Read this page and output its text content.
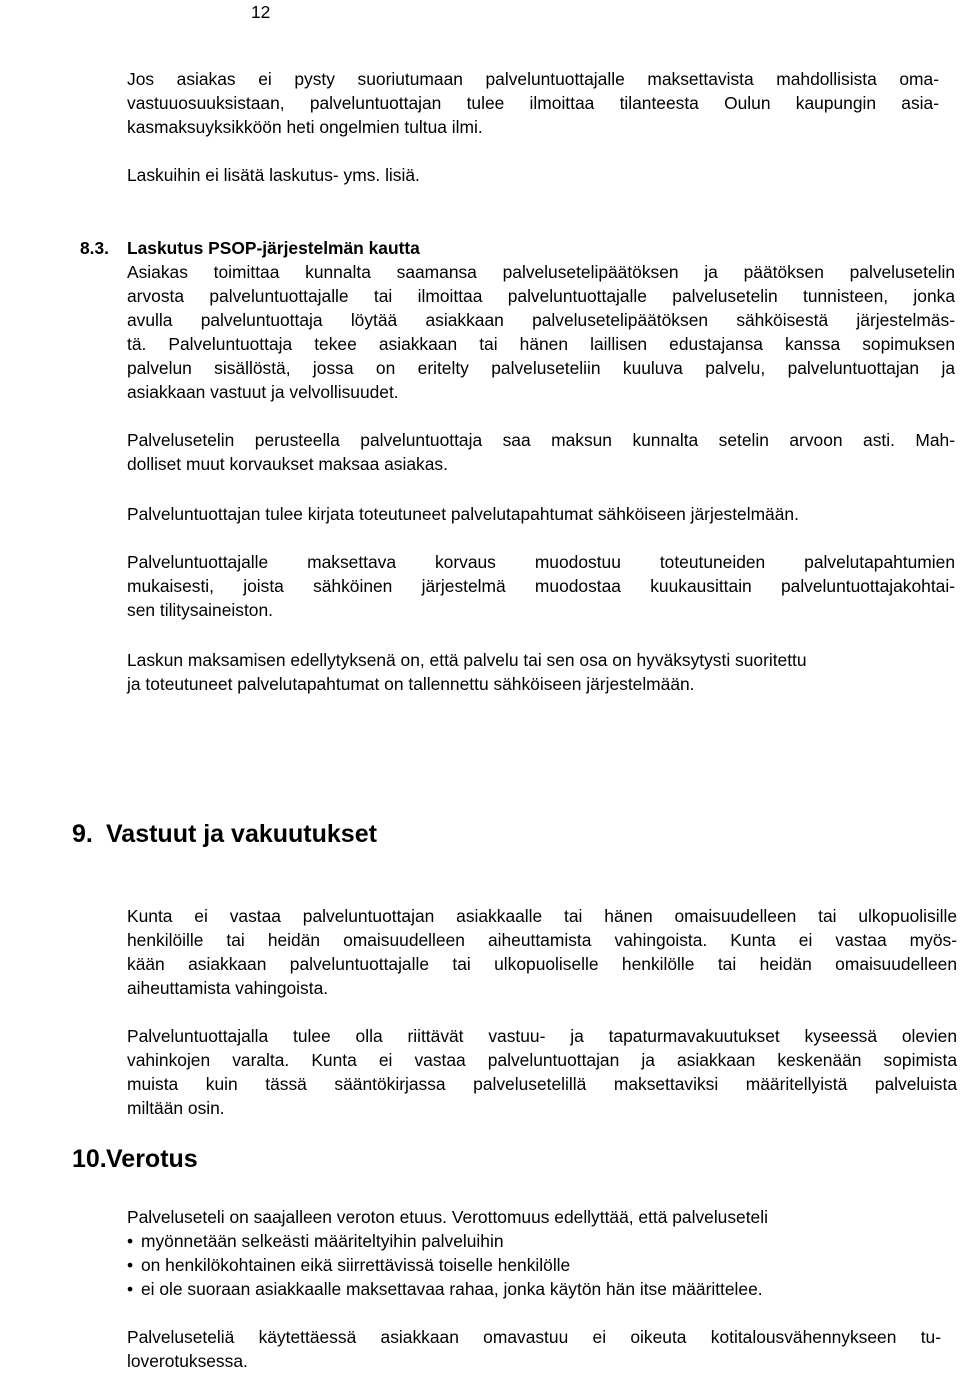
12
Jos asiakas ei pysty suoriutumaan palveluntuottajalle maksettavista mahdollisista oma-
vastuuosuuksistaan, palveluntuottajan tulee ilmoittaa tilanteesta Oulun kaupungin asia-
kasmaksuyksikköön heti ongelmien tultua ilmi.
Laskuihin ei lisätä laskutus- yms. lisiä.
8.3. Laskutus PSOP-järjestelmän kautta
Asiakas toimittaa kunnalta saamansa palvelusetelipäätöksen ja päätöksen palvelusetelin
arvosta palveluntuottajalle tai ilmoittaa palveluntuottajalle palvelusetelin tunnisteen, jonka
avulla palveluntuottaja löytää asiakkaan palvelusetelipäätöksen sähköisestä järjestelmäs-
tä. Palveluntuottaja tekee asiakkaan tai hänen laillisen edustajansa kanssa sopimuksen
palvelun sisällöstä, jossa on eritelty palveluseteliin kuuluva palvelu, palveluntuottajan ja
asiakkaan vastuut ja velvollisuudet.
Palvelusetelin perusteella palveluntuottaja saa maksun kunnalta setelin arvoon asti. Mah-
dolliset muut korvaukset maksaa asiakas.
Palveluntuottajan tulee kirjata toteutuneet palvelutapahtumat sähköiseen järjestelmään.
Palveluntuottajalle maksettava korvaus muodostuu toteutuneiden palvelutapahtumien
mukaisesti, joista sähköinen järjestelmä muodostaa kuukausittain palveluntuottajakohtai-
sen tilitysaineiston.
Laskun maksamisen edellytyksenä on, että palvelu tai sen osa on hyväksytysti suoritettu
ja toteutuneet palvelutapahtumat on tallennettu sähköiseen järjestelmään.
9. Vastuut ja vakuutukset
Kunta ei vastaa palveluntuottajan asiakkaalle tai hänen omaisuudelleen tai ulkopuolisille
henkilöille tai heidän omaisuudelleen aiheuttamista vahingoista. Kunta ei vastaa myös-
kään asiakkaan palveluntuottajalle tai ulkopuoliselle henkilölle tai heidän omaisuudelleen
aiheuttamista vahingoista.
Palveluntuottajalla tulee olla riittävät vastuu- ja tapaturmavakuutukset kyseessä olevien
vahinkojen varalta. Kunta ei vastaa palveluntuottajan ja asiakkaan keskenään sopimista
muista kuin tässä sääntökirjassa palvelusetelillä maksettaviksi määritellyistä palveluista
miltään osin.
10. Verotus
Palveluseteli on saajalleen veroton etuus. Verottomuus edellyttää, että palveluseteli
• myönnetään selkeästi määriteltyihin palveluihin
• on henkilökohtainen eikä siirrettävissä toiselle henkilölle
• ei ole suoraan asiakkaalle maksettavaa rahaa, jonka käytön hän itse määrittelee.
Palveluseteliä käytettäessä asiakkaan omavastuu ei oikeuta kotitalousvähennykseen tu-
loverotuksessa.
